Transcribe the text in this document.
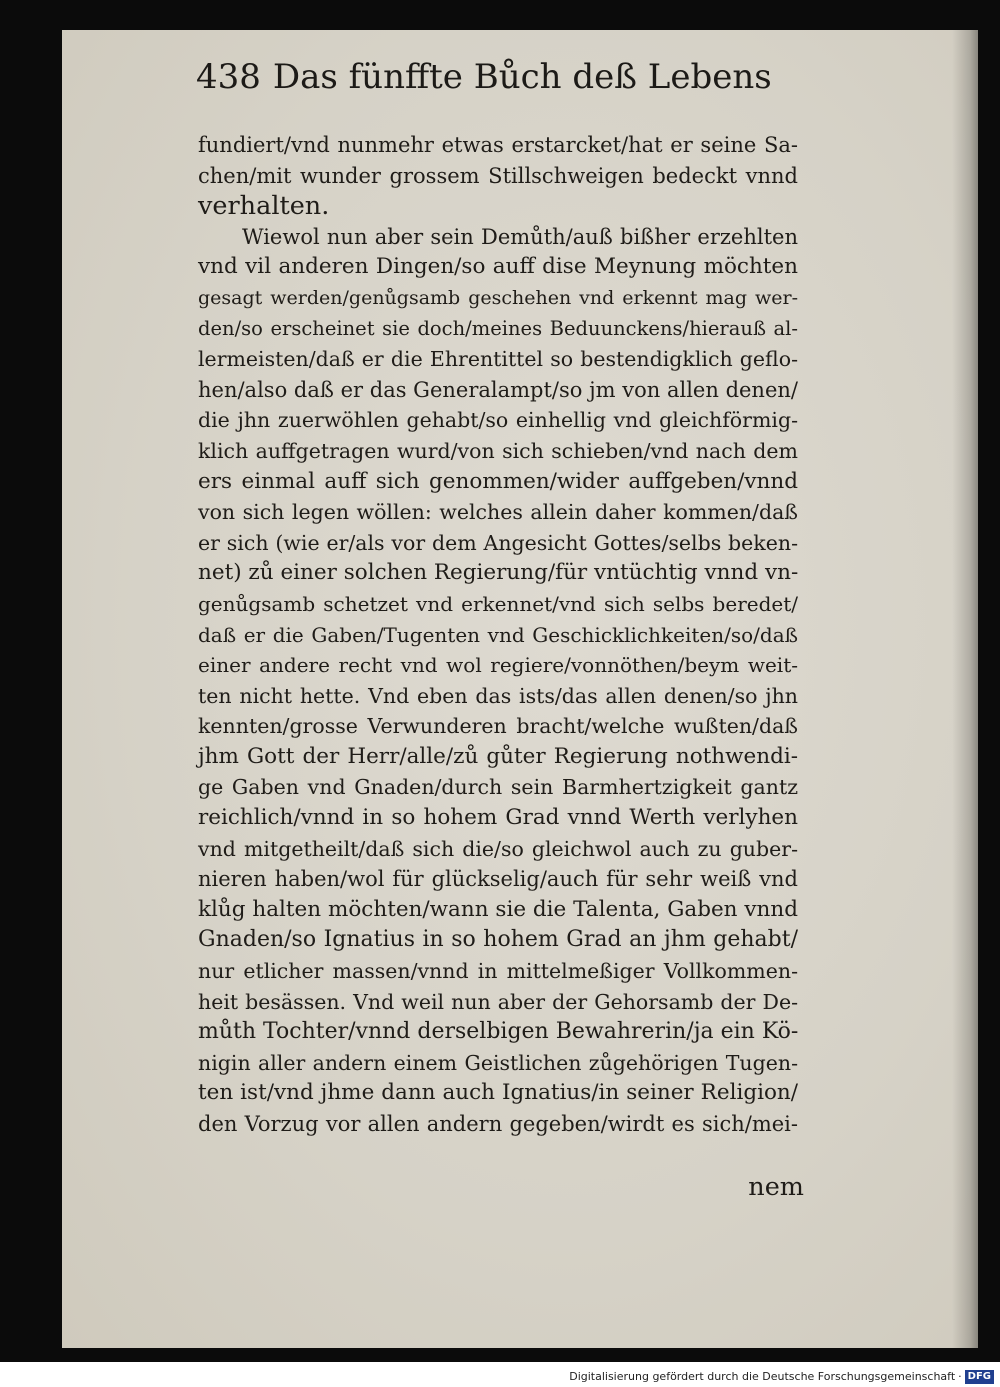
438 Das fünffte Bůch deß Lebens
fundiert/vnd nunmehr etwas erstarcket/hat er seine Sa-
chen/mit wunder grossem Stillschweigen bedeckt vnnd
verhalten.
Wiewol nun aber sein Demůth/auß bißher erzehlten
vnd vil anderen Dingen/so auff dise Meynung möchten
gesagt werden/genůgsamb geschehen vnd erkennt mag wer-
den/so erscheinet sie doch/meines Beduunckens/hierauß al-
lermeisten/daß er die Ehrentittel so bestendigklich geflo-
hen/also daß er das Generalampt/so jm von allen denen/
die jhn zuerwöhlen gehabt/so einhellig vnd gleichförmig-
klich auffgetragen wurd/von sich schieben/vnd nach dem
ers einmal auff sich genommen/wider auffgeben/vnnd
von sich legen wöllen: welches allein daher kommen/daß
er sich (wie er/als vor dem Angesicht Gottes/selbs beken-
net) zů einer solchen Regierung/für vntüchtig vnnd vn-
genůgsamb schetzet vnd erkennet/vnd sich selbs beredet/
daß er die Gaben/Tugenten vnd Geschicklichkeiten/so/daß
einer andere recht vnd wol regiere/vonnöthen/beym weit-
ten nicht hette. Vnd eben das ists/das allen denen/so jhn
kennten/grosse Verwunderen bracht/welche wußten/daß
jhm Gott der Herr/alle/zů gůter Regierung nothwendi-
ge Gaben vnd Gnaden/durch sein Barmhertzigkeit gantz
reichlich/vnnd in so hohem Grad vnnd Werth verlyhen
vnd mitgetheilt/daß sich die/so gleichwol auch zu guber-
nieren haben/wol für glückselig/auch für sehr weiß vnd
klůg halten möchten/wann sie die Talenta, Gaben vnnd
Gnaden/so Ignatius in so hohem Grad an jhm gehabt/
nur etlicher massen/vnnd in mittelmeßiger Vollkommen-
heit besässen. Vnd weil nun aber der Gehorsamb der De-
můth Tochter/vnnd derselbigen Bewahrerin/ja ein Kö-
nigin aller andern einem Geistlichen zůgehörigen Tugen-
ten ist/vnd jhme dann auch Ignatius/in seiner Religion/
den Vorzug vor allen andern gegeben/wirdt es sich/mei-
nem
Digitalisierung gefördert durch die Deutsche Forschungsgemeinschaft · DFG
